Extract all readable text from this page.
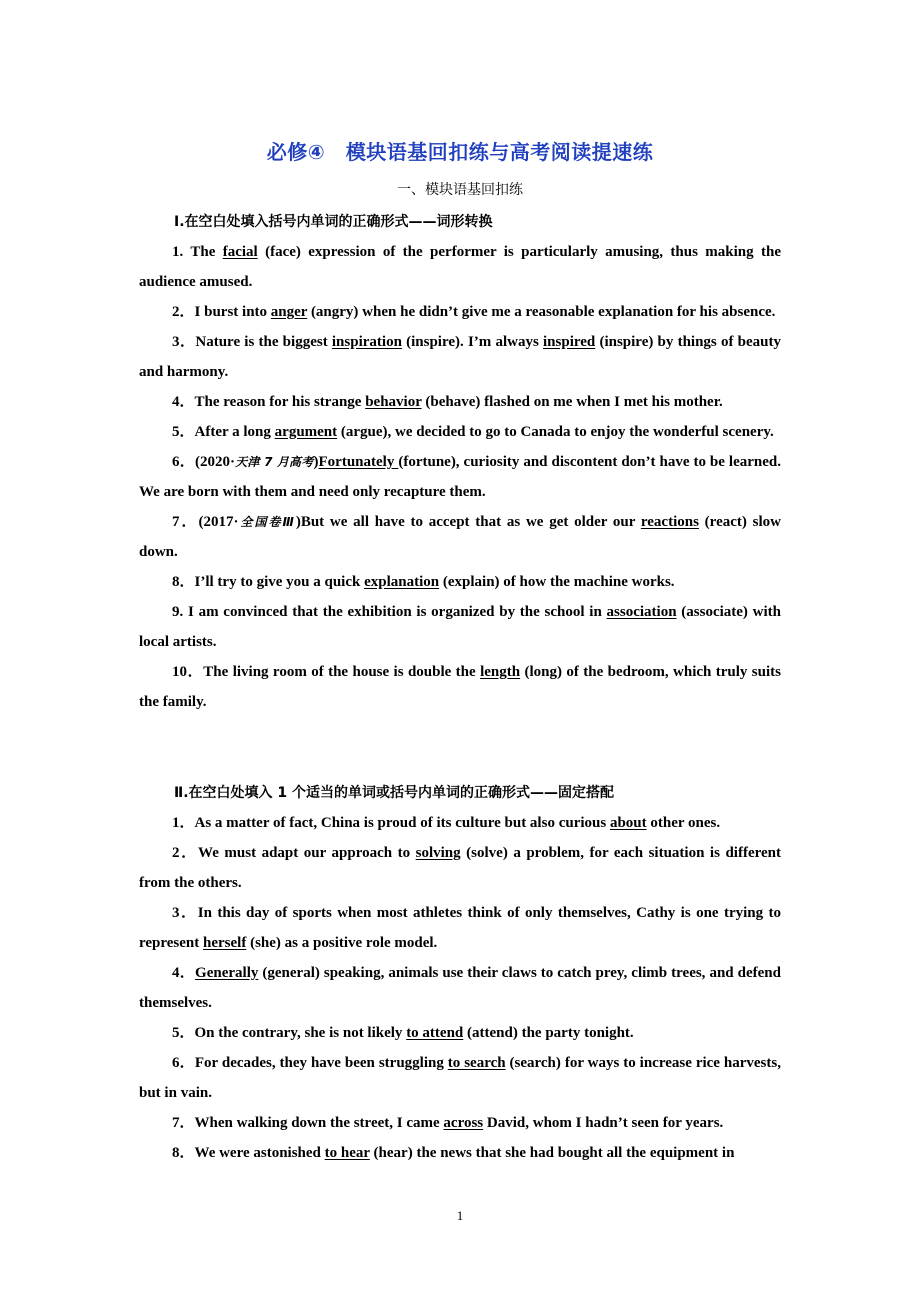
必修④　模块语基回扣练与高考阅读提速练
一、模块语基回扣练
Ⅰ.在空白处填入括号内单词的正确形式——词形转换

1. The facial (face) expression of the performer is particularly amusing, thus making the audience amused.

2．I burst into anger (angry) when he didn’t give me a reasonable explanation for his absence.

3．Nature is the biggest inspiration (inspire). I’m always inspired (inspire) by things of beauty and harmony.

4．The reason for his strange behavior (behave) flashed on me when I met his mother.

5．After a long argument (argue), we decided to go to Canada to enjoy the wonderful scenery.

6．(2020·天津 7 月高考)Fortunately (fortune), curiosity and discontent don’t have to be learned. We are born with them and need only recapture them.

7．(2017·全国卷Ⅲ)But we all have to accept that as we get older our reactions (react) slow down.

8．I’ll try to give you a quick explanation (explain) of how the machine works.

9. I am convinced that the exhibition is organized by the school in association (associate) with local artists.

10．The living room of the house is double the length (long) of the bedroom, which truly suits the family.

Ⅱ.在空白处填入 1 个适当的单词或括号内单词的正确形式——固定搭配

1．As a matter of fact, China is proud of its culture but also curious about other ones.

2．We must adapt our approach to solving (solve) a problem, for each situation is different from the others.

3．In this day of sports when most athletes think of only themselves, Cathy is one trying to represent herself (she) as a positive role model.

4．Generally (general) speaking, animals use their claws to catch prey, climb trees, and defend themselves.

5．On the contrary, she is not likely to attend (attend) the party tonight.

6．For decades, they have been struggling to search (search) for ways to increase rice harvests, but in vain.

7．When walking down the street, I came across David, whom I hadn’t seen for years.

8．We were astonished to hear (hear) the news that she had bought all the equipment in

1
